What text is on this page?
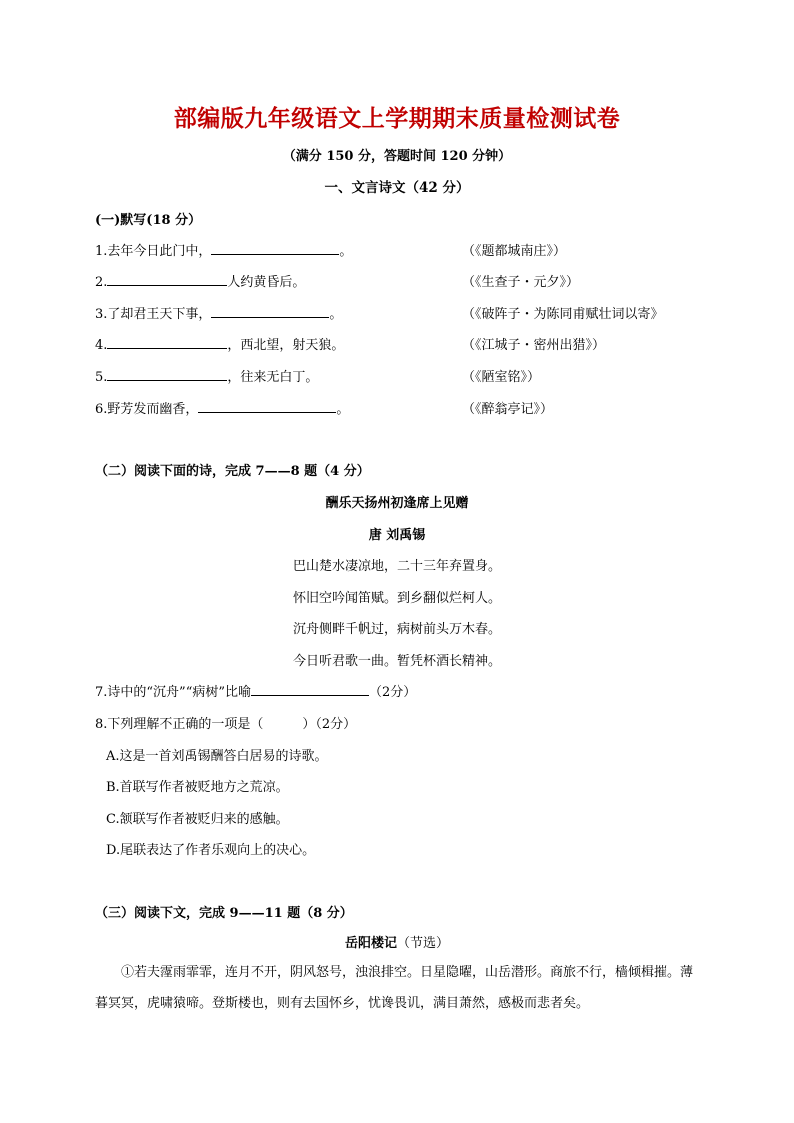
部编版九年级语文上学期期末质量检测试卷
（满分 150 分，答题时间 120 分钟）
一、文言诗文（42 分）
(一)默写(18 分）
1.去年今日此门中，	。	（《题都城南庄》）
2.	人约黄昏后。	（《生查子・元夕》）
3.了却君王天下事，	。	（《破阵子・为陈同甫赋壮词以寄》
4.	，西北望，射天狼。	（《江城子・密州出猎》）
5.	，往来无白丁。	（《陋室铭》）
6.野芳发而幽香，	。	（《醉翁亭记》）
（二）阅读下面的诗，完成 7——8 题（4 分）
酬乐天扬州初逢席上见赠
唐 刘禹锡
巴山楚水凄凉地，二十三年弃置身。
怀旧空吟闻笛赋。到乡翻似烂柯人。
沉舟侧畔千帆过，病树前头万木春。
今日听君歌一曲。暂凭杯酒长精神。
7.诗中的“沉舟”“病树”比喻	（2分）
8.下列理解不正确的一项是（　　　）（2分）
A.这是一首刘禹锡酬答白居易的诗歌。
B.首联写作者被贬地方之荒凉。
C.颔联写作者被贬归来的感触。
D.尾联表达了作者乐观向上的决心。
（三）阅读下文，完成 9——11 题（8 分）
岳阳楼记（节选）
①若夫霪雨霏霏，连月不开，阴风怒号，浊浪排空。日星隐曜，山岳潜形。商旅不行，樯倾楫摧。薄暮冥冥，虎啸猿啼。登斯楼也，则有去国怀乡，忧谗畏讥，满目萧然，感极而悲者矣。
